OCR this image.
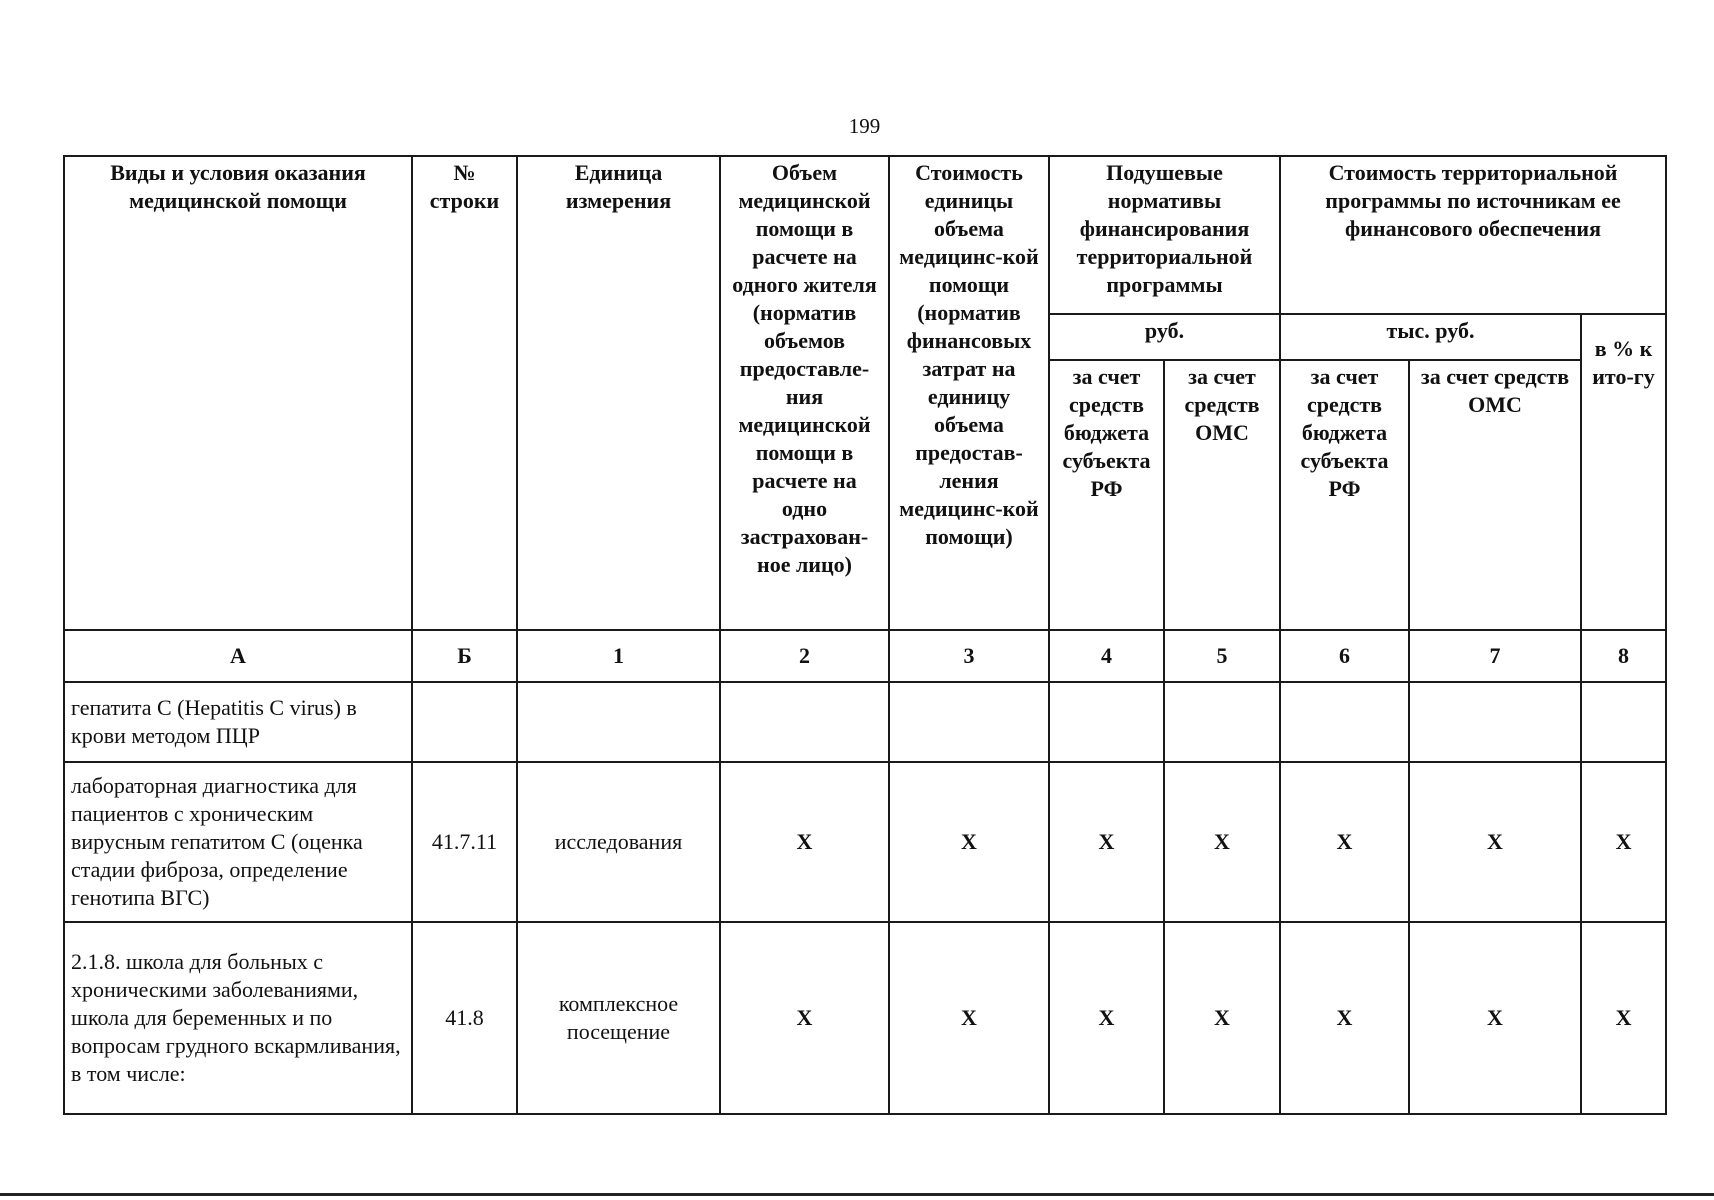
199
Виды и условия оказания медицинской помощи	№ строки	Единица измерения	Объем медицинской помощи в расчете на одного жителя (норматив объемов предоставле-ния медицинской помощи в расчете на одно застрахован-ное лицо)	Стоимость единицы объема медицинс-кой помощи (норматив финансовых затрат на единицу объема предостав-ления медицинс-кой помощи)	Подушевые нормативы финансирования территориальной программы		Стоимость территориальной программы по источникам ее финансового обеспечения		
					руб.		тыс. руб.		в % к ито-гу
					за счет средств бюджета субъекта РФ	за счет средств ОМС	за счет средств бюджета субъекта РФ	за счет средств ОМС	
А	Б	1	2	3	4	5	6	7	8
гепатита С (Hepatitis C virus) в крови методом ПЦР									
лабораторная диагностика для пациентов с хроническим вирусным гепатитом С (оценка стадии фиброза, определение генотипа ВГС)	41.7.11	исследования	X	X	X	X	X	X	X
2.1.8. школа для больных с хроническими заболеваниями, школа для беременных и по вопросам грудного вскармливания, в том числе:	41.8	комплексное посещение	X	X	X	X	X	X	X
